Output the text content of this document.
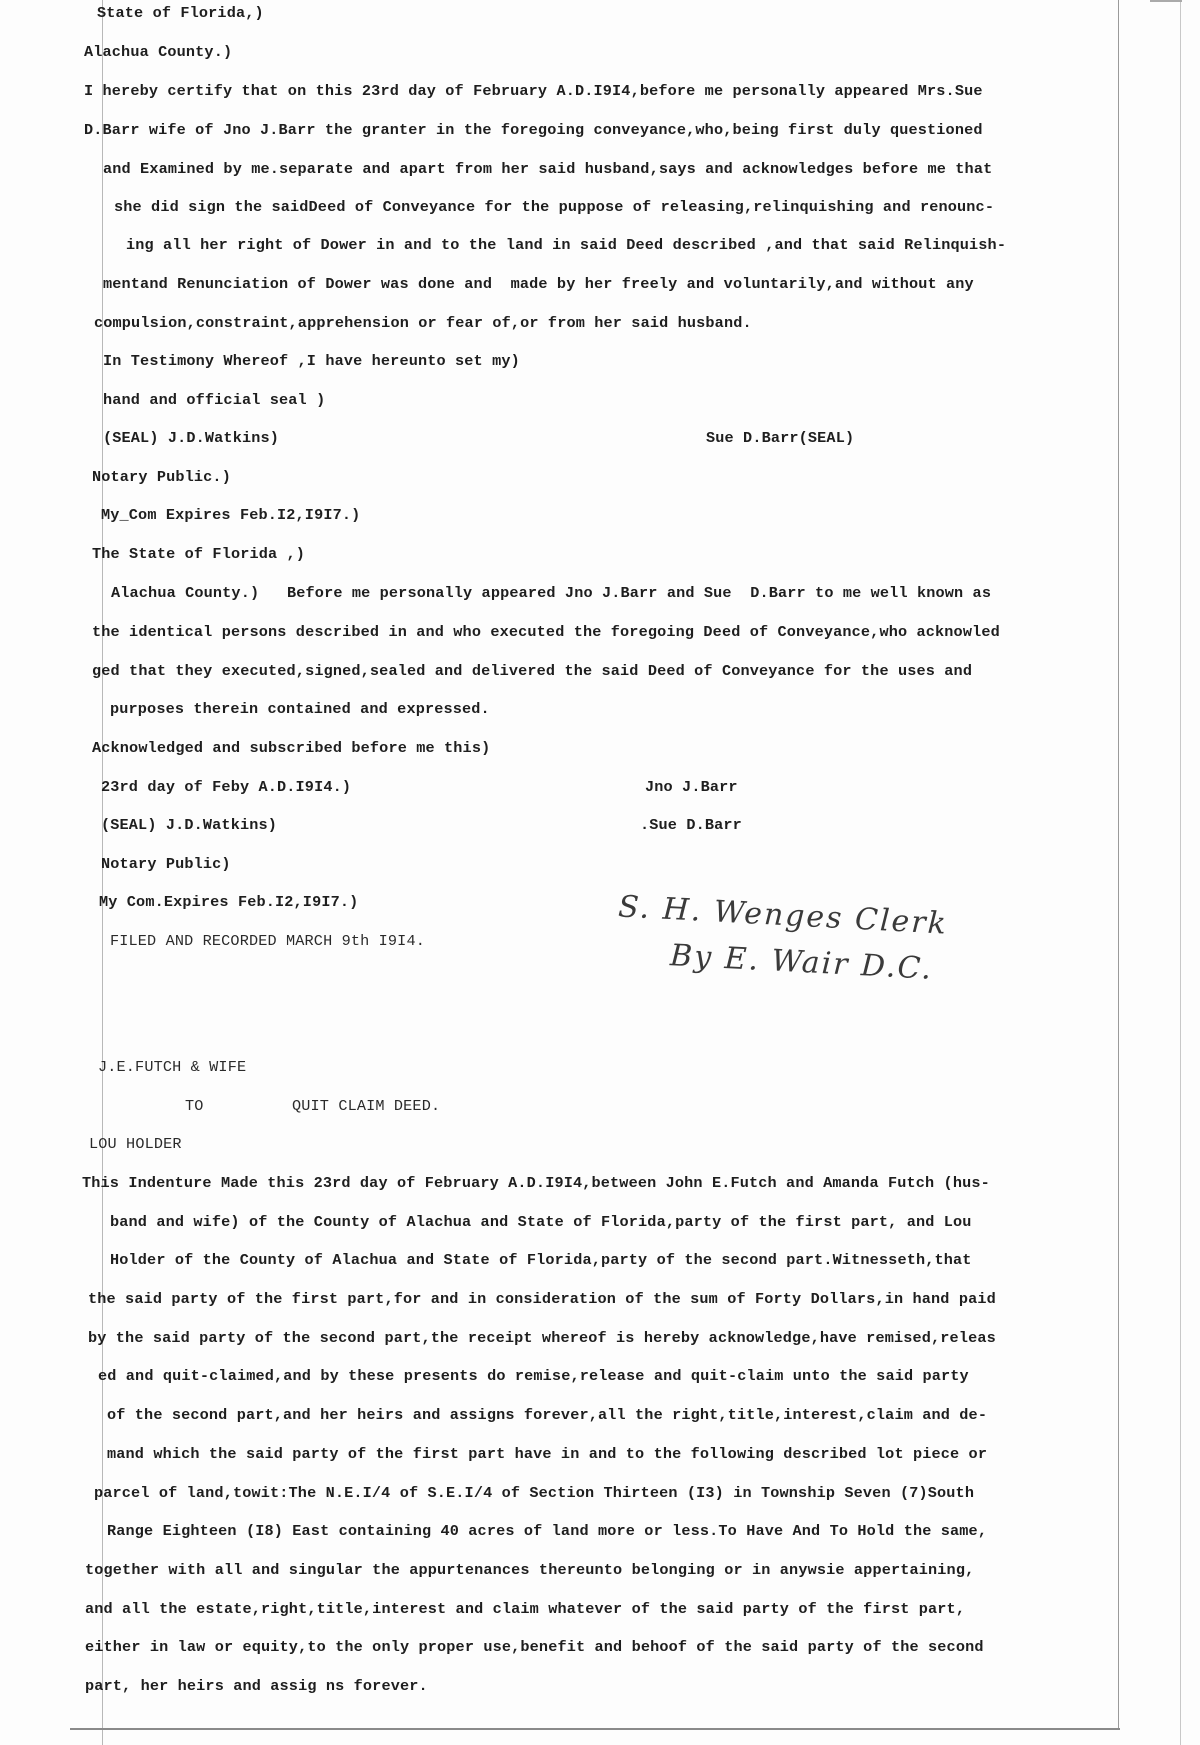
State of Florida,)
Alachua County.)
I hereby certify that on this 23rd day of February A.D.I9I4,before me personally appeared Mrs.Sue
D.Barr wife of Jno J.Barr the granter in the foregoing conveyance,who,being first duly questioned
and Examined by me.separate and apart from her said husband,says and acknowledges before me that
she did sign the saidDeed of Conveyance for the puppose of releasing,relinquishing and renounc-
ing all her right of Dower in and to the land in said Deed described ,and that said Relinquish-
mentand Renunciation of Dower was done and  made by her freely and voluntarily,and without any
compulsion,constraint,apprehension or fear of,or from her said husband.
In Testimony Whereof ,I have hereunto set my)
hand and official seal )
(SEAL) J.D.Watkins)	Sue D.Barr(SEAL)
Notary Public.)
My_Com Expires Feb.I2,I9I7.)
The State of Florida ,)
Alachua County.)   Before me personally appeared Jno J.Barr and Sue  D.Barr to me well known as
the identical persons described in and who executed the foregoing Deed of Conveyance,who acknowled
ged that they executed,signed,sealed and delivered the said Deed of Conveyance for the uses and
purposes therein contained and expressed.
Acknowledged and subscribed before me this)
23rd day of Feby A.D.I9I4.)	Jno J.Barr
(SEAL) J.D.Watkins)	.Sue D.Barr
Notary Public)
My Com.Expires Feb.I2,I9I7.)
FILED AND RECORDED MARCH 9th I9I4.	S. H. Wenges Clerk
By E. Wair D.C.
J.E.FUTCH & WIFE
TO	QUIT CLAIM DEED.
LOU HOLDER
This Indenture Made this 23rd day of February A.D.I9I4,between John E.Futch and Amanda Futch (hus-
band and wife) of the County of Alachua and State of Florida,party of the first part, and Lou
Holder of the County of Alachua and State of Florida,party of the second part.Witnesseth,that
the said party of the first part,for and in consideration of the sum of Forty Dollars,in hand paid
by the said party of the second part,the receipt whereof is hereby acknowledge,have remised,releas
ed and quit-claimed,and by these presents do remise,release and quit-claim unto the said party
of the second part,and her heirs and assigns forever,all the right,title,interest,claim and de-
mand which the said party of the first part have in and to the following described lot piece or
parcel of land,towit:The N.E.I/4 of S.E.I/4 of Section Thirteen (I3) in Township Seven (7)South
Range Eighteen (I8) East containing 40 acres of land more or less.To Have And To Hold the same,
together with all and singular the appurtenances thereunto belonging or in anywsie appertaining,
and all the estate,right,title,interest and claim whatever of the said party of the first part,
either in law or equity,to the only proper use,benefit and behoof of the said party of the second
part, her heirs and assig ns forever.
